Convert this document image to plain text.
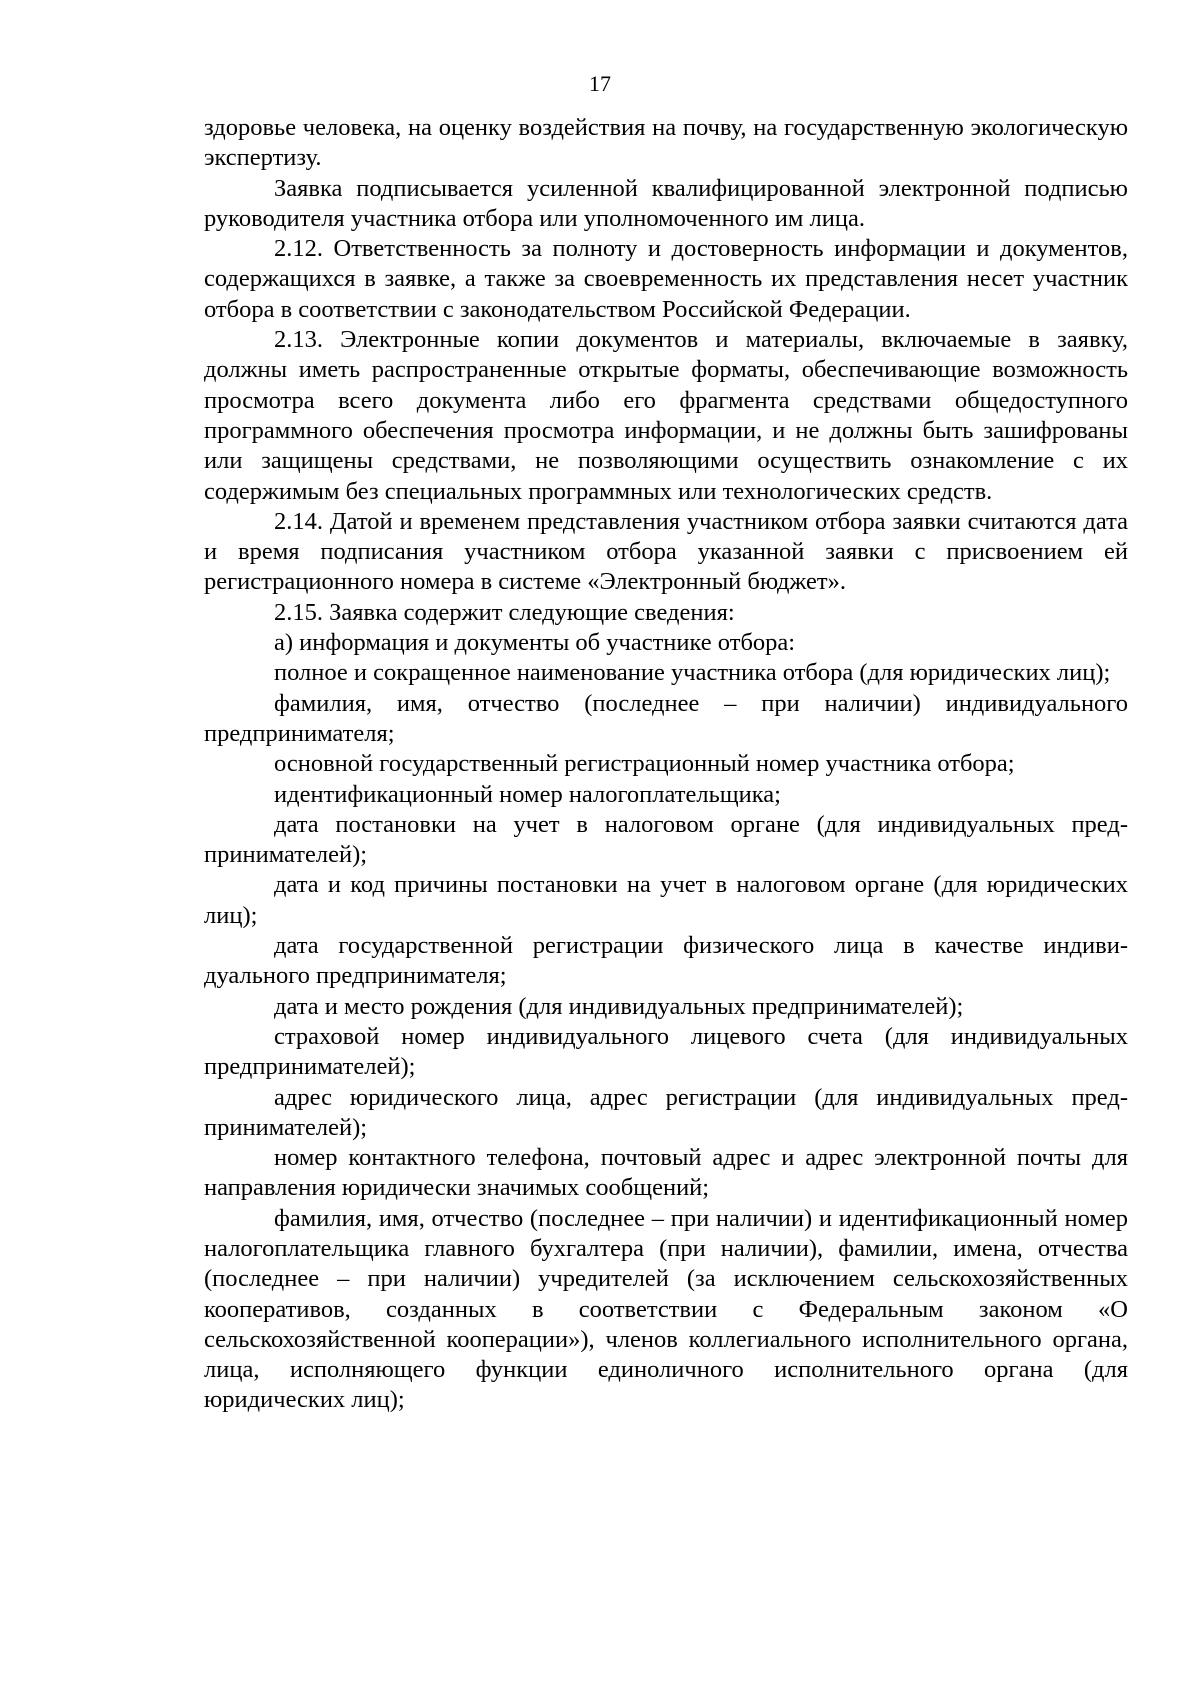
17

здоровье человека, на оценку воздействия на почву, на государственную экологическую экспертизу.

Заявка подписывается усиленной квалифицированной электронной подписью руководителя участника отбора или уполномоченного им лица.

2.12. Ответственность за полноту и достоверность информации и документов, содержащихся в заявке, а также за своевременность их представления несет участник отбора в соответствии с законодательством Российской Федерации.

2.13. Электронные копии документов и материалы, включаемые в заявку, должны иметь распространенные открытые форматы, обеспечивающие возможность просмотра всего документа либо его фрагмента средствами общедоступного программного обеспечения просмотра информации, и не должны быть зашифрованы или защищены средствами, не позволяющими осуществить ознакомление с их содержимым без специальных программных или технологических средств.

2.14. Датой и временем представления участником отбора заявки считаются дата и время подписания участником отбора указанной заявки с присвоением ей регистрационного номера в системе «Электронный бюджет».

2.15. Заявка содержит следующие сведения:

а) информация и документы об участнике отбора:

полное и сокращенное наименование участника отбора (для юридических лиц);

фамилия, имя, отчество (последнее – при наличии) индивидуального предпринимателя;

основной государственный регистрационный номер участника отбора;

идентификационный номер налогоплательщика;

дата постановки на учет в налоговом органе (для индивидуальных предпринимателей);

дата и код причины постановки на учет в налоговом органе (для юридических лиц);

дата государственной регистрации физического лица в качестве индивидуального предпринимателя;

дата и место рождения (для индивидуальных предпринимателей);

страховой номер индивидуального лицевого счета (для индивидуальных предпринимателей);

адрес юридического лица, адрес регистрации (для индивидуальных предпринимателей);

номер контактного телефона, почтовый адрес и адрес электронной почты для направления юридически значимых сообщений;

фамилия, имя, отчество (последнее – при наличии) и идентификационный номер налогоплательщика главного бухгалтера (при наличии), фамилии, имена, отчества (последнее – при наличии) учредителей (за исключением сельскохозяйственных кооперативов, созданных в соответствии с Федеральным законом «О сельскохозяйственной кооперации»), членов коллегиального исполнительного органа, лица, исполняющего функции единоличного исполнительного органа (для юридических лиц);
